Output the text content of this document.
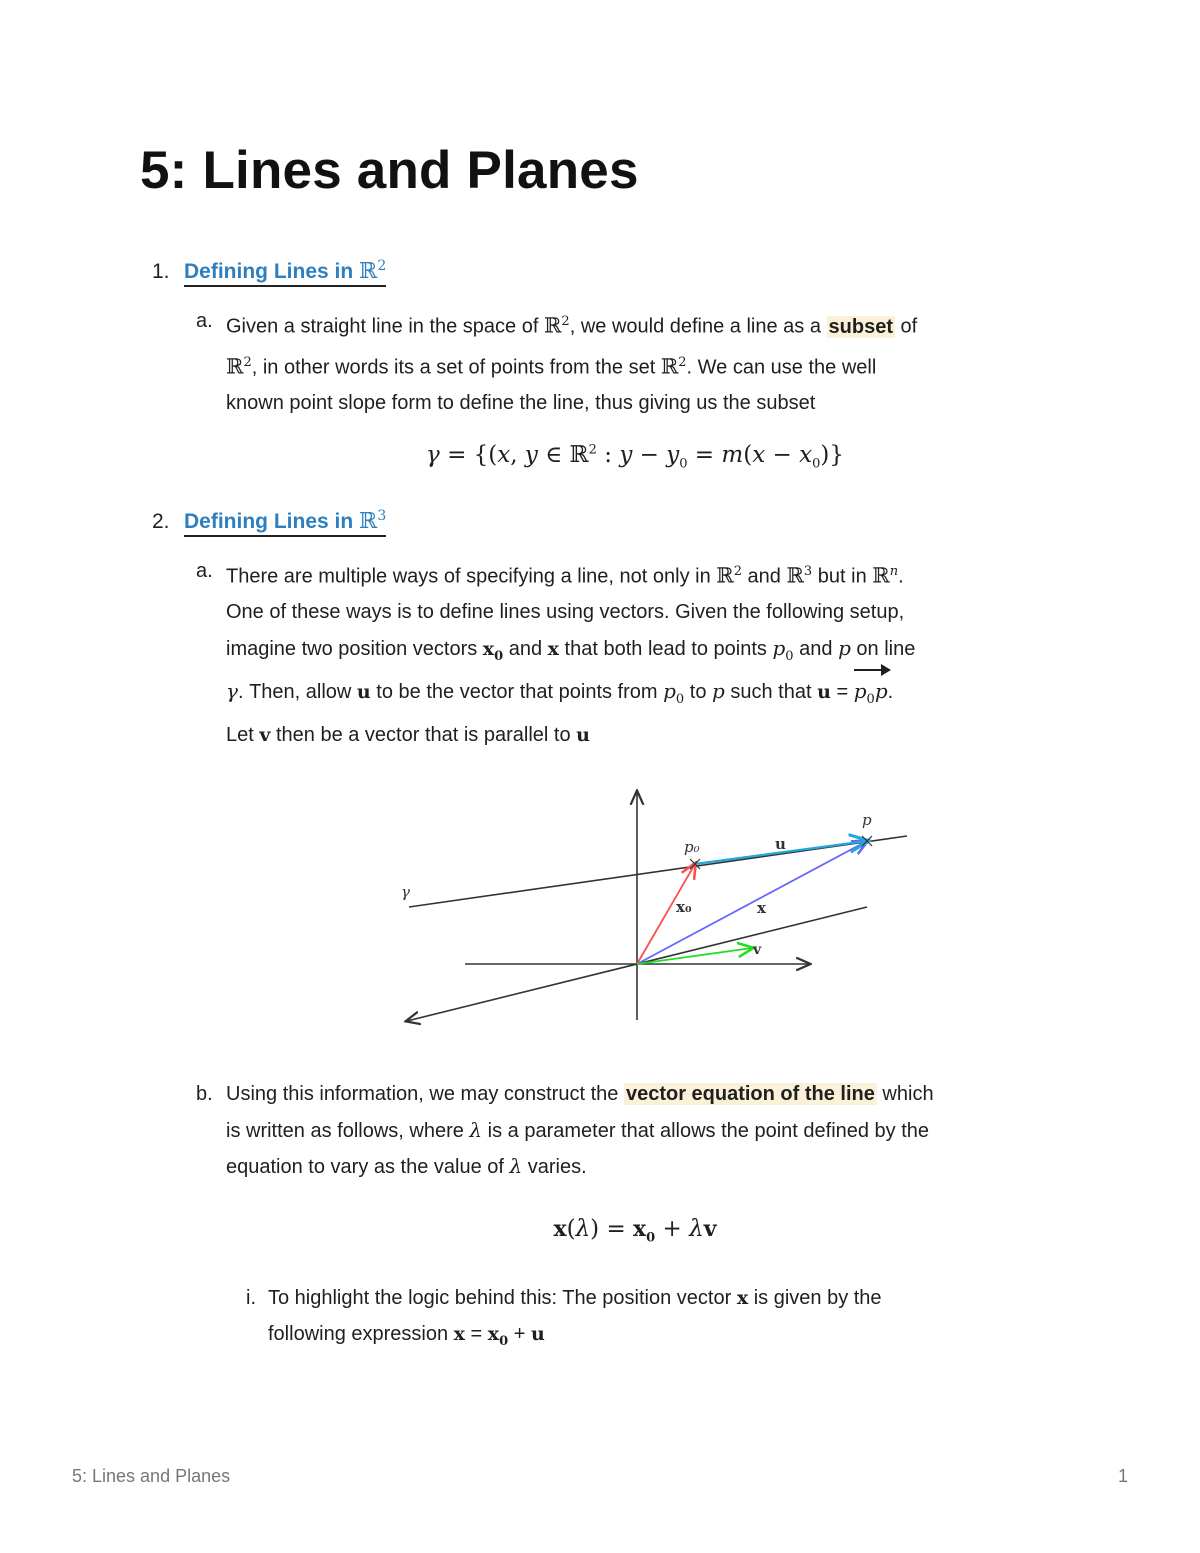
5: Lines and Planes
1. Defining Lines in ℝ$^2$
a. Given a straight line in the space of ℝ$^2$, we would define a line as a subset of

ℝ$^2$, in other words its a set of points from the set ℝ$^2$. We can use the well

known point slope form to define the line, thus giving us the subset

γ = {(x, y ∈ ℝ$^2$ : $y - y_0 = m(x - x_0)$}
2. Defining Lines in ℝ$^3$
a. There are multiple ways of specifying a line, not only in ℝ$^2$ and ℝ$^3$ but in ℝ$^n$.

One of these ways is to define lines using vectors. Given the following setup,

imagine two position vectors $x_0$ and x that both lead to points $p_0$ and p on line

γ. Then, allow u to be the vector that points from $p_0$ to p such that $u = p_0p$.

Let v then be a vector that is parallel to u

γ
p₀
p
u
x₀	x
v
b. Using this information, we may construct the vector equation of the line which

is written as follows, where λ is a parameter that allows the point defined by the

equation to vary as the value of λ varies.

$x(\lambda) = x_0 + \lambda v$
i. To highlight the logic behind this: The position vector x is given by the

following expression $x = x_0 + u$

5: Lines and Planes	1
